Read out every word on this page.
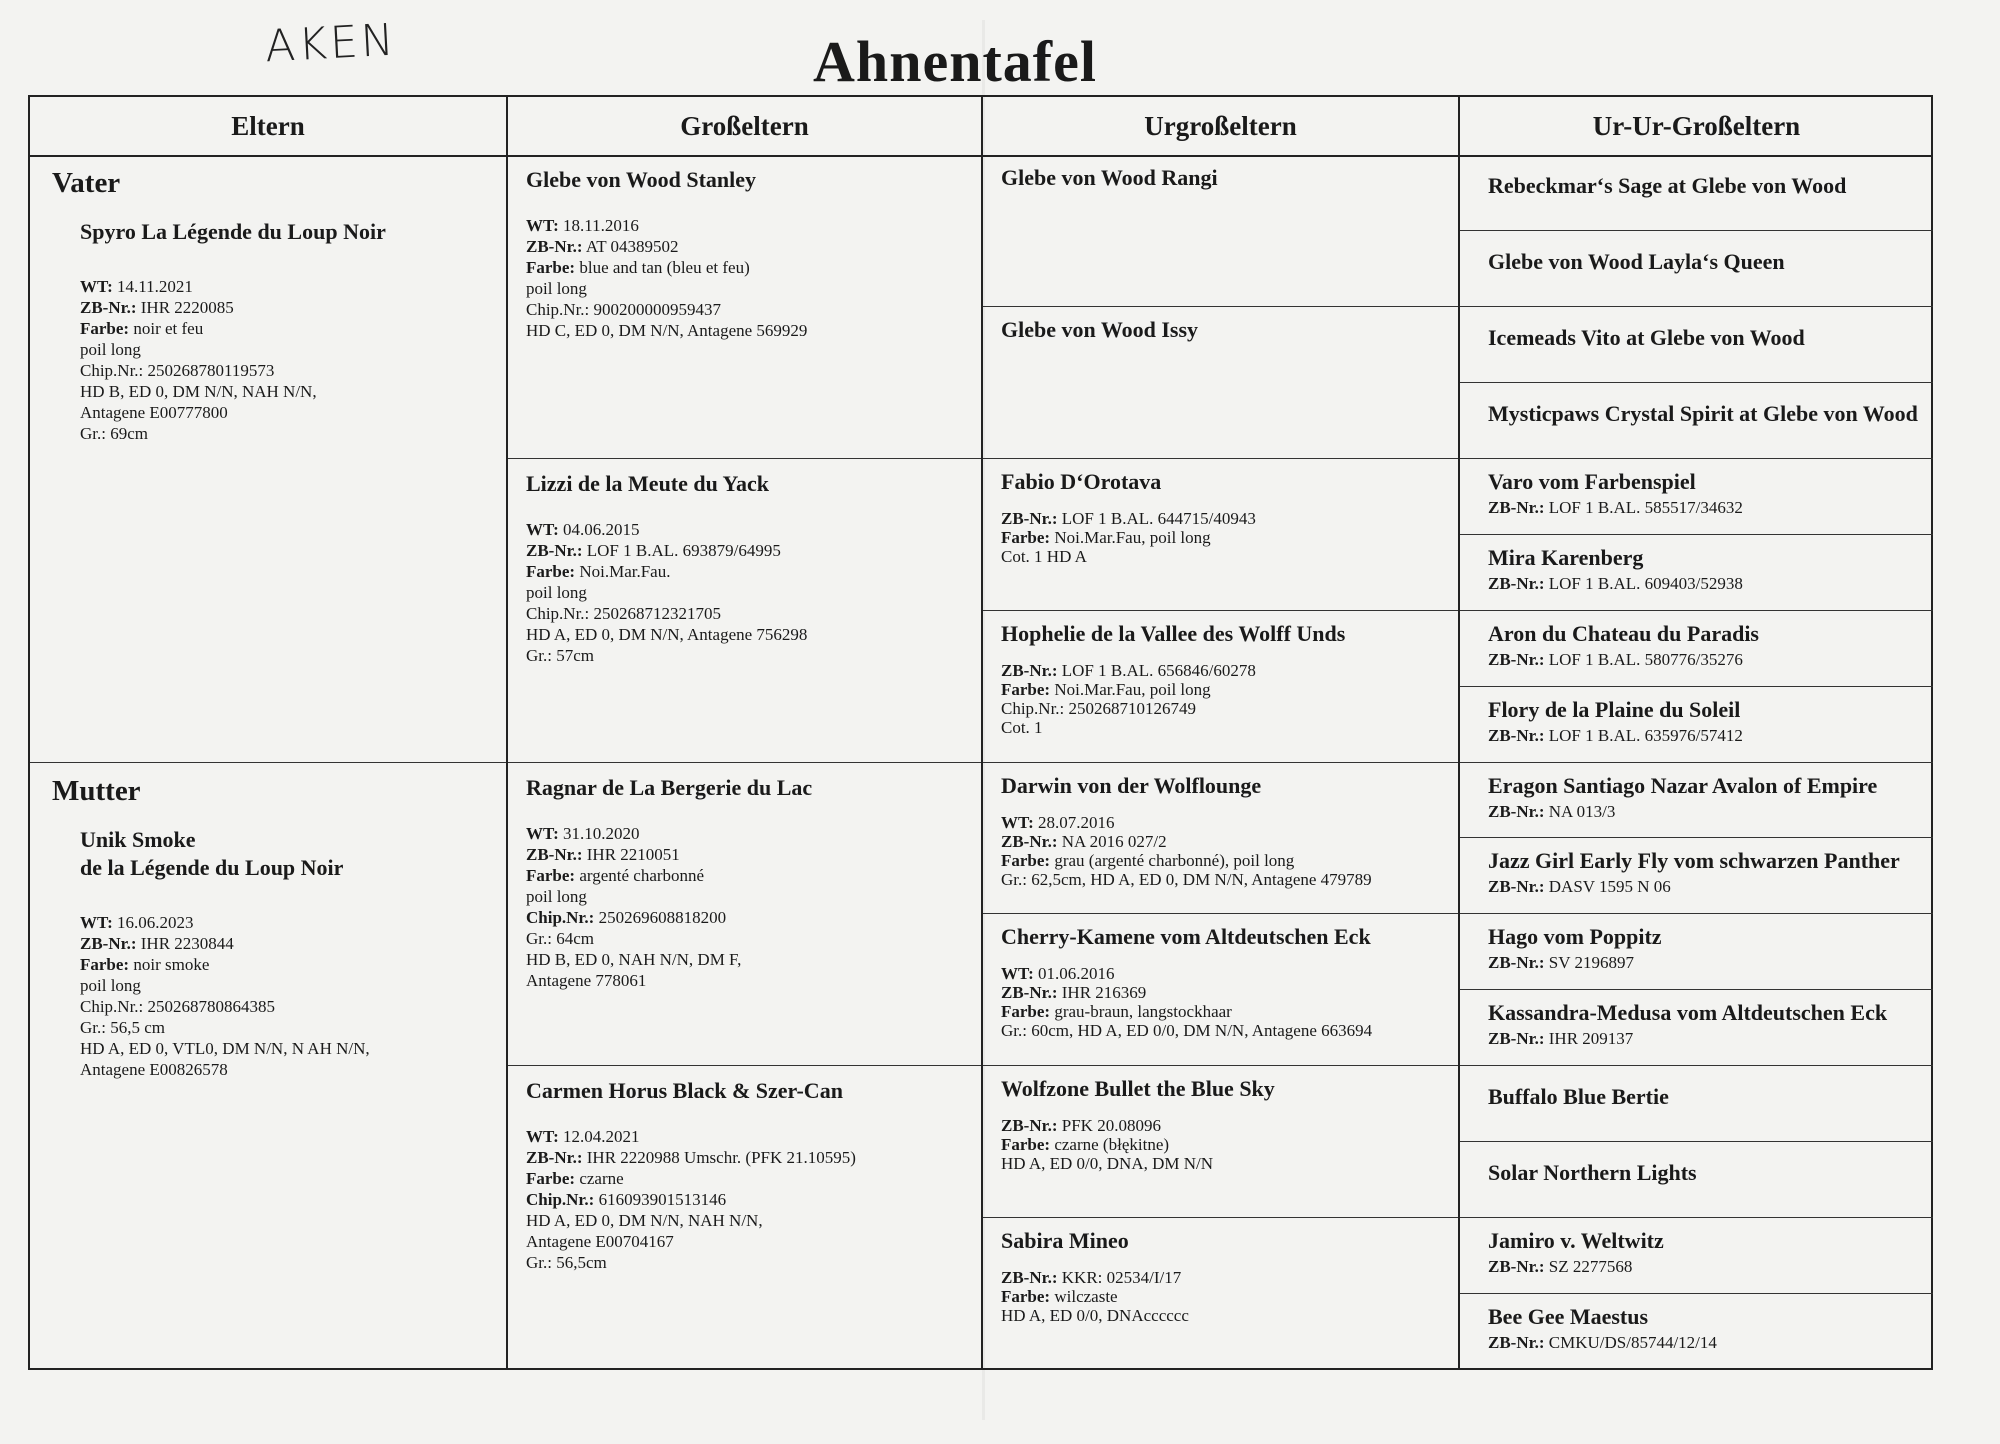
AKEN	Ahnentafel
Eltern
Vater
Spyro La Légende du Loup Noir
WT: 14.11.2021
ZB-Nr.: IHR 2220085
Farbe: noir et feu
poil long
Chip.Nr.: 250268780119573
HD B, ED 0, DM N/N, NAH N/N,
Antagene E00777800
Gr.: 69cm
Mutter
Unik Smoke
de la Légende du Loup Noir
WT: 16.06.2023
ZB-Nr.: IHR 2230844
Farbe: noir smoke
poil long
Chip.Nr.: 250268780864385
Gr.: 56,5 cm
HD A, ED 0, VTL0, DM N/N, N AH N/N,
Antagene E00826578
Großeltern
Glebe von Wood Stanley
WT: 18.11.2016
ZB-Nr.: AT 04389502
Farbe: blue and tan (bleu et feu)
poil long
Chip.Nr.: 900200000959437
HD C, ED 0, DM N/N, Antagene 569929
Lizzi de la Meute du Yack
WT: 04.06.2015
ZB-Nr.: LOF 1 B.AL. 693879/64995
Farbe: Noi.Mar.Fau.
poil long
Chip.Nr.: 250268712321705
HD A, ED 0, DM N/N, Antagene 756298
Gr.: 57cm
Ragnar de La Bergerie du Lac
WT: 31.10.2020
ZB-Nr.: IHR 2210051
Farbe: argenté charbonné
poil long
Chip.Nr.: 250269608818200
Gr.: 64cm
HD B, ED 0, NAH N/N, DM F,
Antagene 778061
Carmen Horus Black & Szer-Can
WT: 12.04.2021
ZB-Nr.: IHR 2220988 Umschr. (PFK 21.10595)
Farbe: czarne
Chip.Nr.: 616093901513146
HD A, ED 0, DM N/N, NAH N/N,
Antagene E00704167
Gr.: 56,5cm
Urgroßeltern
Glebe von Wood Rangi
Glebe von Wood Issy
Fabio D‘Orotava
ZB-Nr.: LOF 1 B.AL. 644715/40943
Farbe: Noi.Mar.Fau, poil long
Cot. 1 HD A
Hophelie de la Vallee des Wolff Unds
ZB-Nr.: LOF 1 B.AL. 656846/60278
Farbe: Noi.Mar.Fau, poil long
Chip.Nr.: 250268710126749
Cot. 1
Darwin von der Wolflounge
WT: 28.07.2016
ZB-Nr.: NA 2016 027/2
Farbe: grau (argenté charbonné), poil long
Gr.: 62,5cm, HD A, ED 0, DM N/N, Antagene 479789
Cherry-Kamene vom Altdeutschen Eck
WT: 01.06.2016
ZB-Nr.: IHR 216369
Farbe: grau-braun, langstockhaar
Gr.: 60cm, HD A, ED 0/0, DM N/N, Antagene 663694
Wolfzone Bullet the Blue Sky
ZB-Nr.: PFK 20.08096
Farbe: czarne (błękitne)
HD A, ED 0/0, DNA, DM N/N
Sabira Mineo
ZB-Nr.: KKR: 02534/I/17
Farbe: wilczaste
HD A, ED 0/0, DNAcccccc
Ur-Ur-Großeltern
Rebeckmar‘s Sage at Glebe von Wood
Glebe von Wood Layla‘s Queen
Icemeads Vito at Glebe von Wood
Mysticpaws Crystal Spirit at Glebe von Wood
Varo vom Farbenspiel
ZB-Nr.: LOF 1 B.AL. 585517/34632
Mira Karenberg
ZB-Nr.: LOF 1 B.AL. 609403/52938
Aron du Chateau du Paradis
ZB-Nr.: LOF 1 B.AL. 580776/35276
Flory de la Plaine du Soleil
ZB-Nr.: LOF 1 B.AL. 635976/57412
Eragon Santiago Nazar Avalon of Empire
ZB-Nr.: NA 013/3
Jazz Girl Early Fly vom schwarzen Panther
ZB-Nr.: DASV 1595 N 06
Hago vom Poppitz
ZB-Nr.: SV 2196897
Kassandra-Medusa vom Altdeutschen Eck
ZB-Nr.: IHR 209137
Buffalo Blue Bertie
Solar Northern Lights
Jamiro v. Weltwitz
ZB-Nr.: SZ 2277568
Bee Gee Maestus
ZB-Nr.: CMKU/DS/85744/12/14
